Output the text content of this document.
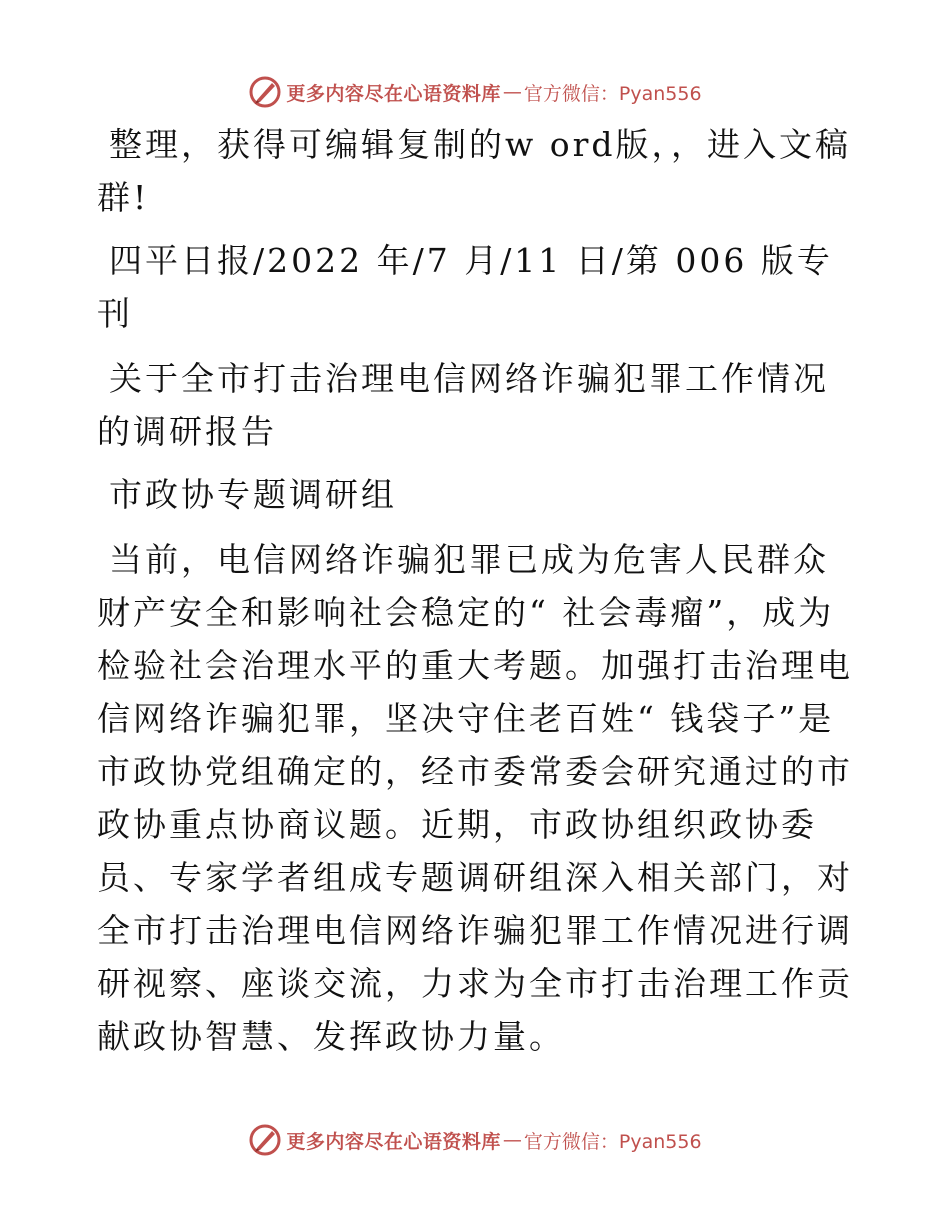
更多内容尽在心语资料库 — 官方微信：Pyan556

整理，获得可编辑复制的w ord版，，进入文稿群!

四平日报/2022 年/7 月/11 日/第 006 版专刊

关于全市打击治理电信网络诈骗犯罪工作情况的调研报告

市政协专题调研组

当前，电信网络诈骗犯罪已成为危害人民群众财产安全和影响社会稳定的“ 社会毒瘤”，成为检验社会治理水平的重大考题。加强打击治理电信网络诈骗犯罪，坚决守住老百姓“ 钱袋子”是市政协党组确定的，经市委常委会研究通过的市政协重点协商议题。近期，市政协组织政协委员、专家学者组成专题调研组深入相关部门，对全市打击治理电信网络诈骗犯罪工作情况进行调研视察、座谈交流，力求为全市打击治理工作贡献政协智慧、发挥政协力量。

更多内容尽在心语资料库 — 官方微信：Pyan556
